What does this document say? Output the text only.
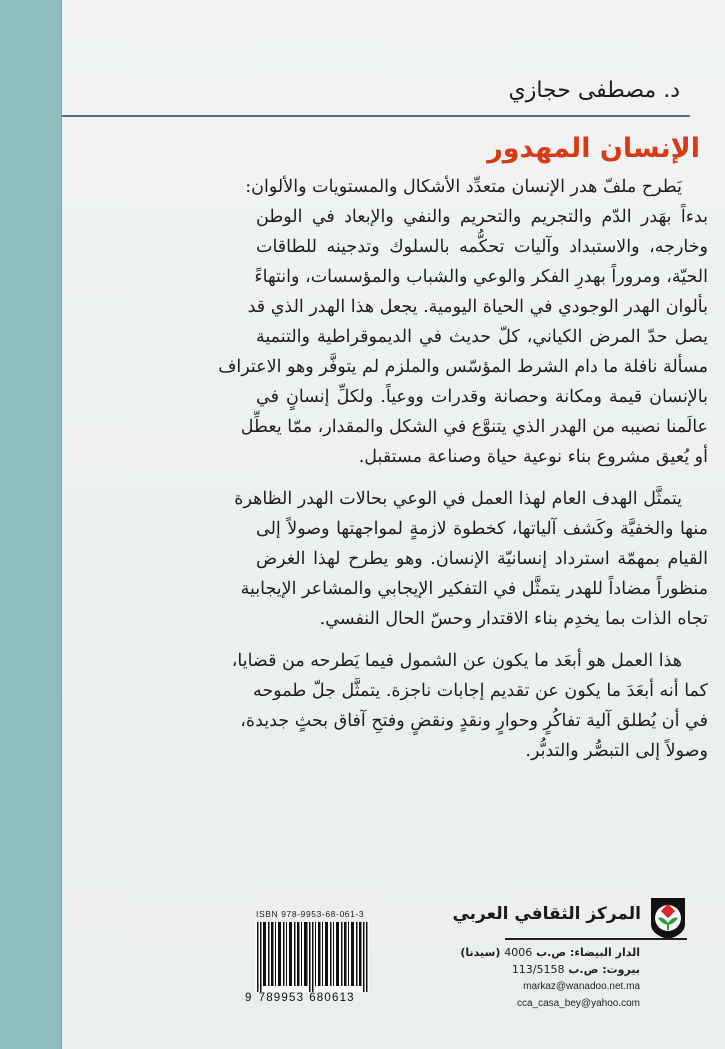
د. مصطفى حجازي
الإنسان المهدور
يَطرح ملفّ هدر الإنسان متعدِّد الأشكال والمستويات والألوان:
بدءاً بهَدر الدّم والتجريم والتحريم والنفي والإبعاد في الوطن
وخارجه، والاستبداد وآليات تحكُّمه بالسلوك وتدجينه للطاقات
الحيّة، ومروراً بهدرِ الفكر والوعي والشباب والمؤسسات، وانتهاءً
بألوان الهدر الوجودي في الحياة اليومية. يجعل هذا الهدر الذي قد
يصل حدّ المرض الكياني، كلّ حديث في الديموقراطية والتنمية
مسألة نافلة ما دام الشرط المؤسّس والملزم لم يتوفَّر وهو الاعتراف
بالإنسان قيمة ومكانة وحصانة وقدرات ووعياً. ولكلِّ إنسانٍ في
عالَمنا نصيبه من الهدر الذي يتنوَّع في الشكل والمقدار، ممّا يعطِّل
أو يُعيق مشروع بناء نوعية حياة وصناعة مستقبل.
يتمثَّل الهدف العام لهذا العمل في الوعي بحالات الهدر الظاهرة
منها والخفيَّة وكَشف آلياتها، كخطوة لازمةٍ لمواجهتها وصولاً إلى
القيام بمهمّة استرداد إنسانيّة الإنسان. وهو يطرح لهذا الغرض
منظوراً مضاداً للهدر يتمثَّل في التفكير الإيجابي والمشاعر الإيجابية
تجاه الذات بما يخدِم بناء الاقتدار وحسّ الحال النفسي.
هذا العمل هو أبعَد ما يكون عن الشمول فيما يَطرحه من قضايا،
كما أنه أبعَدَ ما يكون عن تقديم إجابات ناجزة. يتمثَّل جلّ طموحه
في أن يُطلق آلية تفاكُرٍ وحوارٍ ونقدٍ ونقضٍ وفتحِ آفاق بحثٍ جديدة،
وصولاً إلى التبصُّر والتدبُّر.
ISBN 978-9953-68-061-3
9 789953 680613
المركز الثقافي العربي
الدار البيضاء: ص.ب 4006 (سيدنا)
بيروت: ص.ب 113/5158
markaz@wanadoo.net.ma
cca_casa_bey@yahoo.com
